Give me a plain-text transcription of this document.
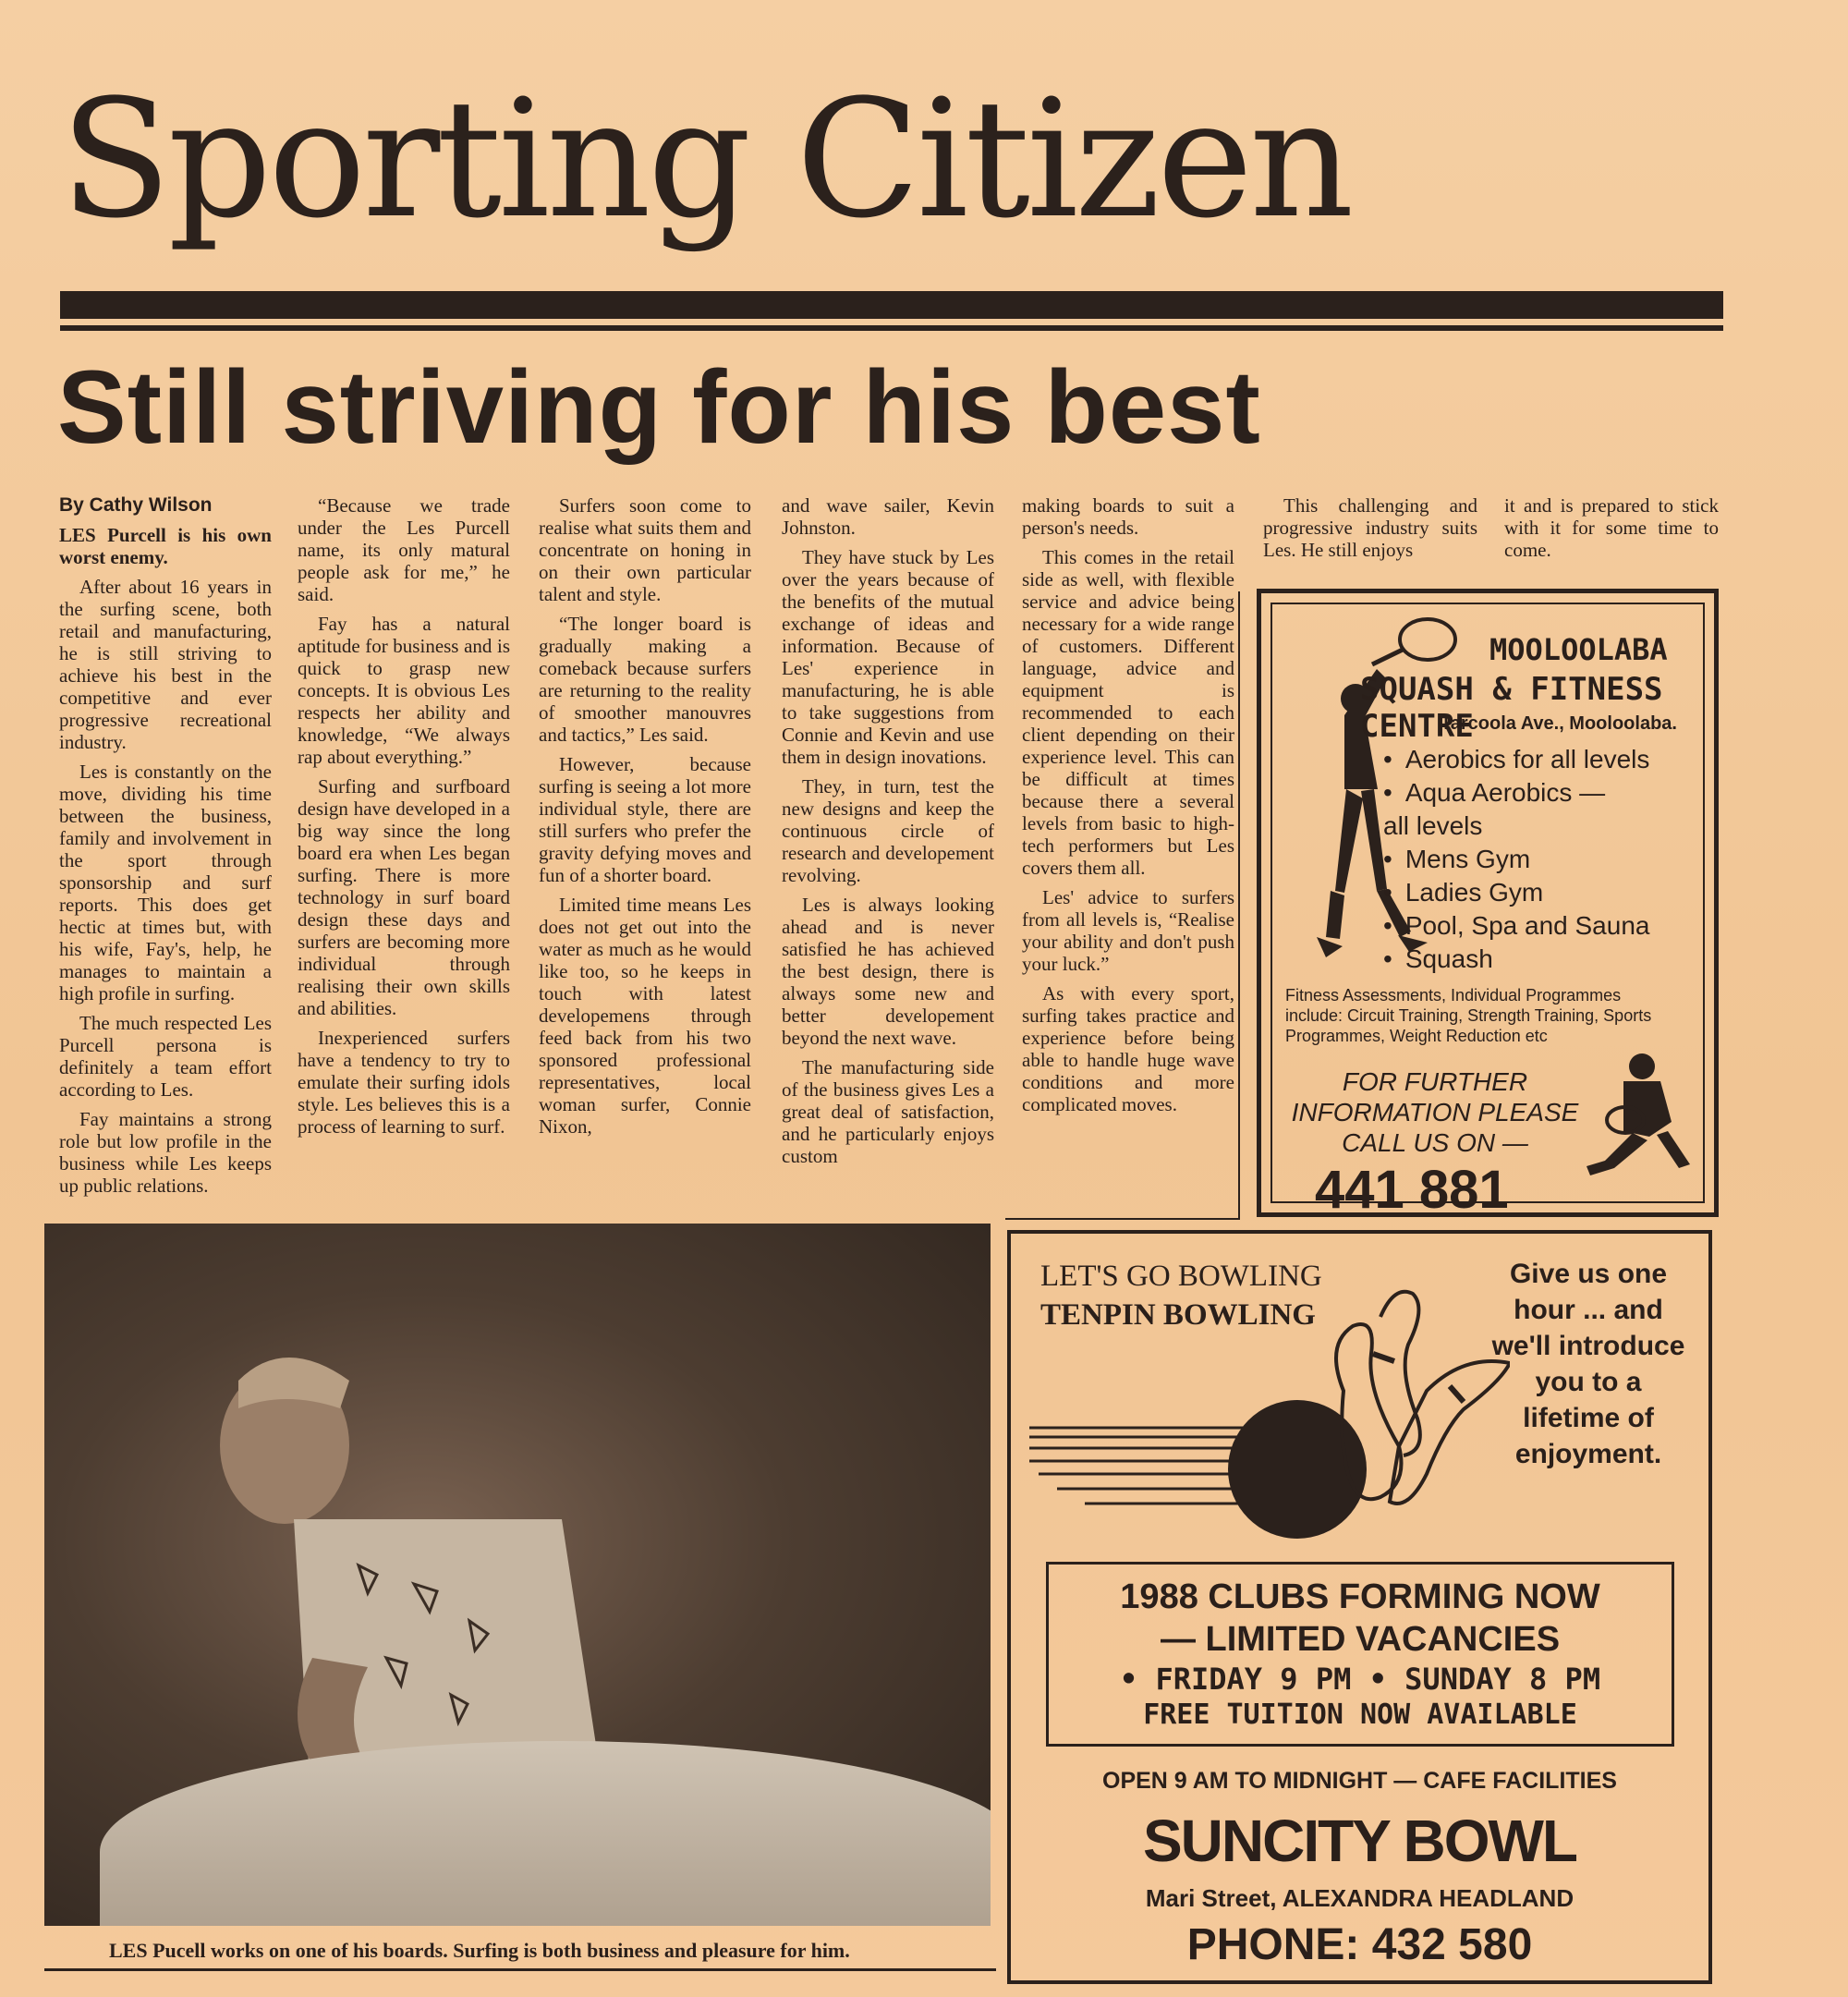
Sporting Citizen
Still striving for his best

By Cathy Wilson

LES Purcell is his own worst enemy.

After about 16 years in the surfing scene, both retail and manufacturing, he is still striving to achieve his best in the competitive and ever progressive recreational industry.

Les is constantly on the move, dividing his time between the business, family and involvement in the sport through sponsorship and surf reports. This does get hectic at times but, with his wife, Fay's, help, he manages to maintain a high profile in surfing.

The much respected Les Purcell persona is definitely a team effort according to Les.

Fay maintains a strong role but low profile in the business while Les keeps up public relations.

“Because we trade under the Les Purcell name, its only matural people ask for me,” he said.

Fay has a natural aptitude for business and is quick to grasp new concepts. It is obvious Les respects her ability and knowledge, “We always rap about everything.”

Surfing and surfboard design have developed in a big way since the long board era when Les began surfing. There is more technology in surf board design these days and surfers are becoming more individual through realising their own skills and abilities.

Inexperienced surfers have a tendency to try to emulate their surfing idols style. Les believes this is a process of learning to surf.

Surfers soon come to realise what suits them and concentrate on honing in on their own particular talent and style.

“The longer board is gradually making a comeback because surfers are returning to the reality of smoother manouvres and tactics,” Les said.

However, because surfing is seeing a lot more individual style, there are still surfers who prefer the gravity defying moves and fun of a shorter board.

Limited time means Les does not get out into the water as much as he would like too, so he keeps in touch with latest developemens through feed back from his two sponsored professional representatives, local woman surfer, Connie Nixon,

and wave sailer, Kevin Johnston.

They have stuck by Les over the years because of the benefits of the mutual exchange of ideas and information. Because of Les' experience in manufacturing, he is able to take suggestions from Connie and Kevin and use them in design inovations.

They, in turn, test the new designs and keep the continuous circle of research and developement revolving.

Les is always looking ahead and is never satisfied he has achieved the best design, there is always some new and better developement beyond the next wave.

The manufacturing side of the business gives Les a great deal of satisfaction, and he particularly enjoys custom

making boards to suit a person's needs.

This comes in the retail side as well, with flexible service and advice being necessary for a wide range of customers. Different language, advice and equipment is recommended to each client depending on their experience level. This can be difficult at times because there a several levels from basic to high-tech performers but Les covers them all.

Les' advice to surfers from all levels is, “Realise your ability and don't push your luck.”

As with every sport, surfing takes practice and experience before being able to handle huge wave conditions and more complicated moves.

This challenging and progressive industry suits Les. He still enjoys

it and is prepared to stick with it for some time to come.

MOOLOOLABA
SQUASH & FITNESS CENTRE
Tarcoola Ave., Mooloolaba.
• Aerobics for all levels
• Aqua Aerobics — all levels
• Mens Gym
• Ladies Gym
• Pool, Spa and Sauna
• Squash
Fitness Assessments, Individual Programmes include: Circuit Training, Strength Training, Sports Programmes, Weight Reduction etc
FOR FURTHER INFORMATION PLEASE CALL US ON —
441 881
LES Pucell works on one of his boards. Surfing is both business and pleasure for him.
LET'S GO BOWLING
TENPIN BOWLING
Give us one hour ... and we'll introduce you to a lifetime of enjoyment.
1988 CLUBS FORMING NOW
— LIMITED VACANCIES
• FRIDAY 9 PM • SUNDAY 8 PM
FREE TUITION NOW AVAILABLE
OPEN 9 AM TO MIDNIGHT — CAFE FACILITIES
SUNCITY BOWL
Mari Street, ALEXANDRA HEADLAND
PHONE: 432 580
